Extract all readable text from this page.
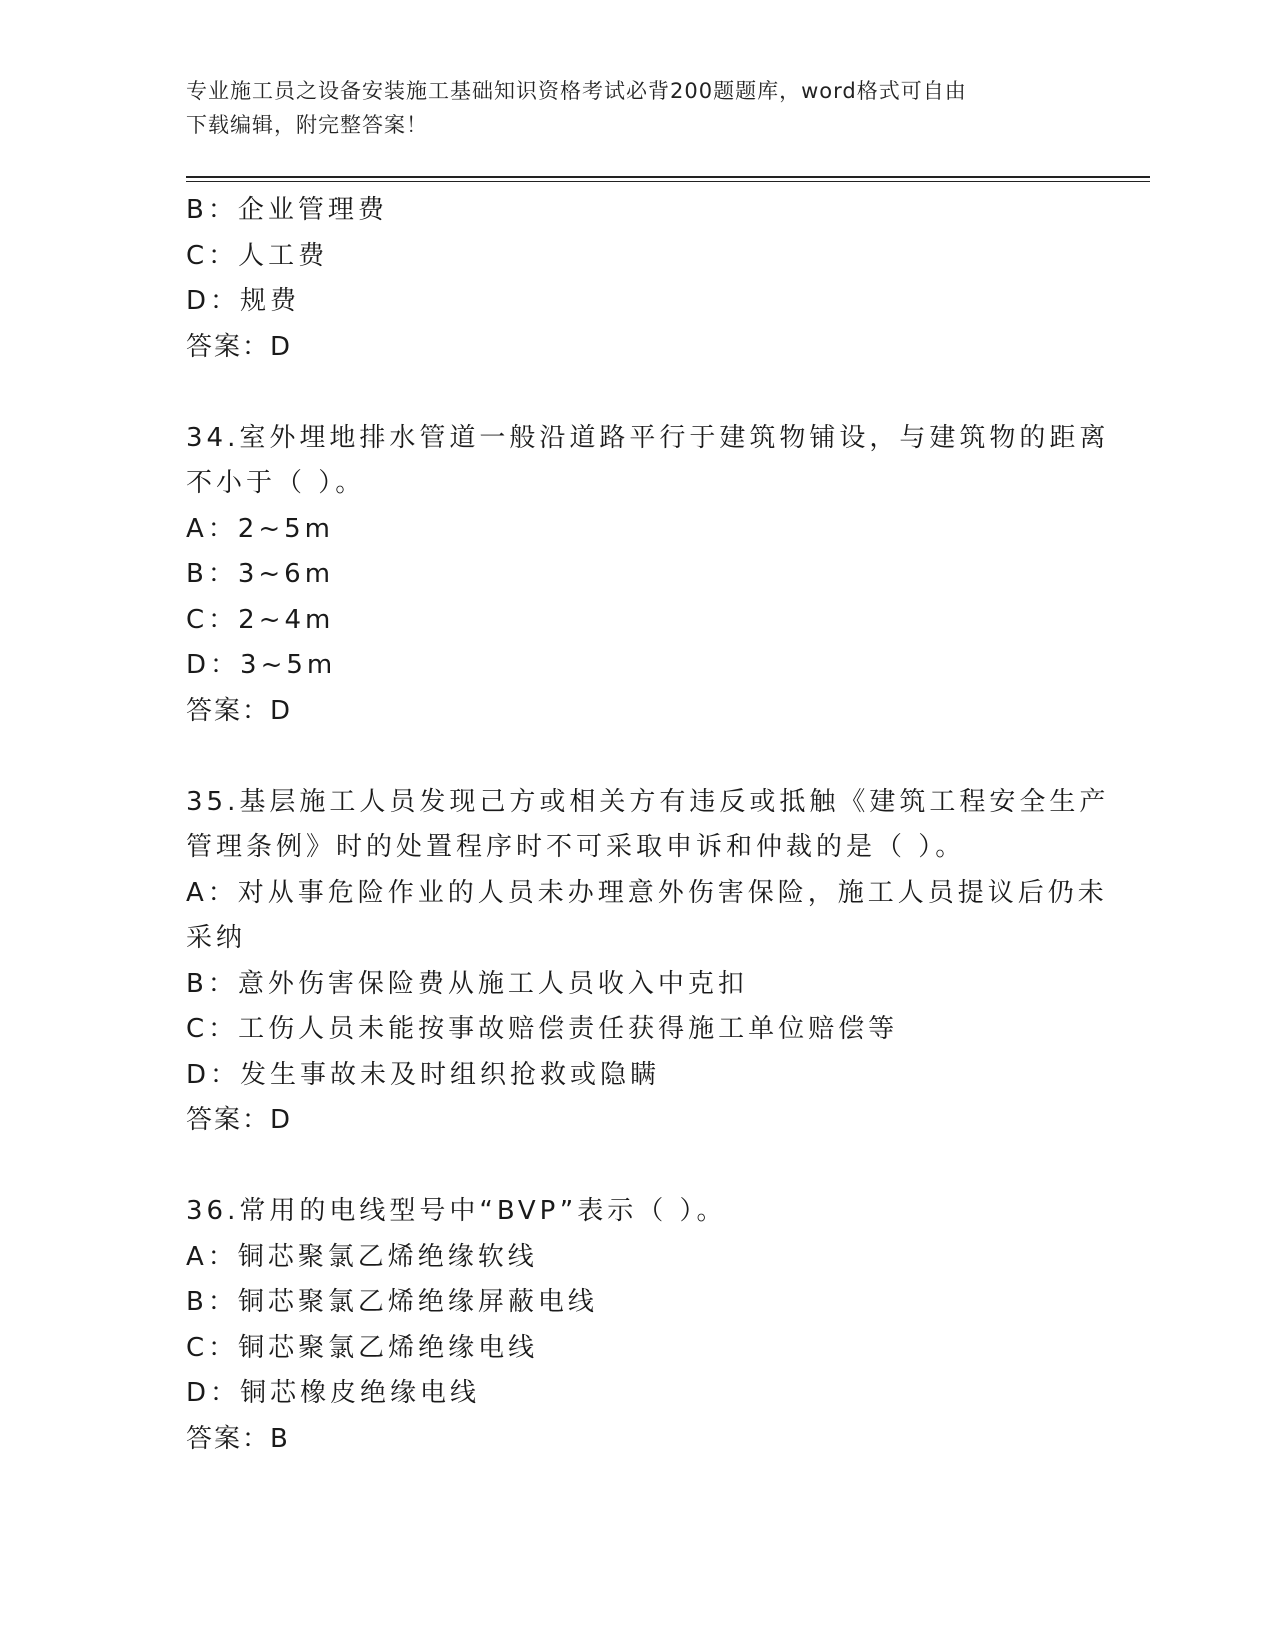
专业施工员之设备安装施工基础知识资格考试必背200题题库，word格式可自由
下载编辑，附完整答案！
B：企业管理费
C：人工费
D：规费
答案：D
34.室外埋地排水管道一般沿道路平行于建筑物铺设，与建筑物的距离
不小于（ ）。
A：2~5m
B：3~6m
C：2~4m
D：3~5m
答案：D
35.基层施工人员发现己方或相关方有违反或抵触《建筑工程安全生产
管理条例》时的处置程序时不可采取申诉和仲裁的是（ ）。
A：对从事危险作业的人员未办理意外伤害保险，施工人员提议后仍未
采纳
B：意外伤害保险费从施工人员收入中克扣
C：工伤人员未能按事故赔偿责任获得施工单位赔偿等
D：发生事故未及时组织抢救或隐瞒
答案：D
36.常用的电线型号中“BVP”表示（ ）。
A：铜芯聚氯乙烯绝缘软线
B：铜芯聚氯乙烯绝缘屏蔽电线
C：铜芯聚氯乙烯绝缘电线
D：铜芯橡皮绝缘电线
答案：B
